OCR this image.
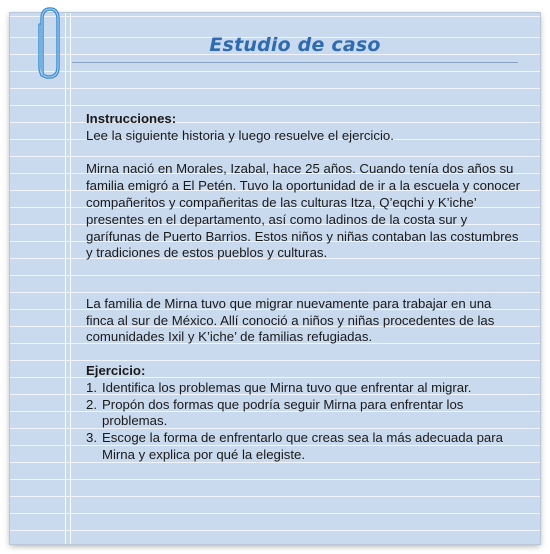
Estudio de caso

Instrucciones:

Lee la siguiente historia y luego resuelve el ejercicio.

Mirna nació en Morales, Izabal, hace 25 años. Cuando tenía dos años su familia emigró a El Petén. Tuvo la oportunidad de ir a la escuela y conocer compañeritos y compañeritas de las culturas Itza, Q’eqchi y K’iche’ presentes en el departamento, así como ladinos de la costa sur y garífunas de Puerto Barrios. Estos niños y niñas contaban las costumbres y tradiciones de estos pueblos y culturas.

La familia de Mirna tuvo que migrar nuevamente para trabajar en una finca al sur de México. Allí conoció a niños y niñas procedentes de las comunidades Ixil y K’iche’ de familias refugiadas.

Ejercicio:

1. Identifica los problemas que Mirna tuvo que enfrentar al migrar.
2. Propón dos formas que podría seguir Mirna para enfrentar los problemas.
3. Escoge la forma de enfrentarlo que creas sea la más adecuada para Mirna y explica por qué la elegiste.
